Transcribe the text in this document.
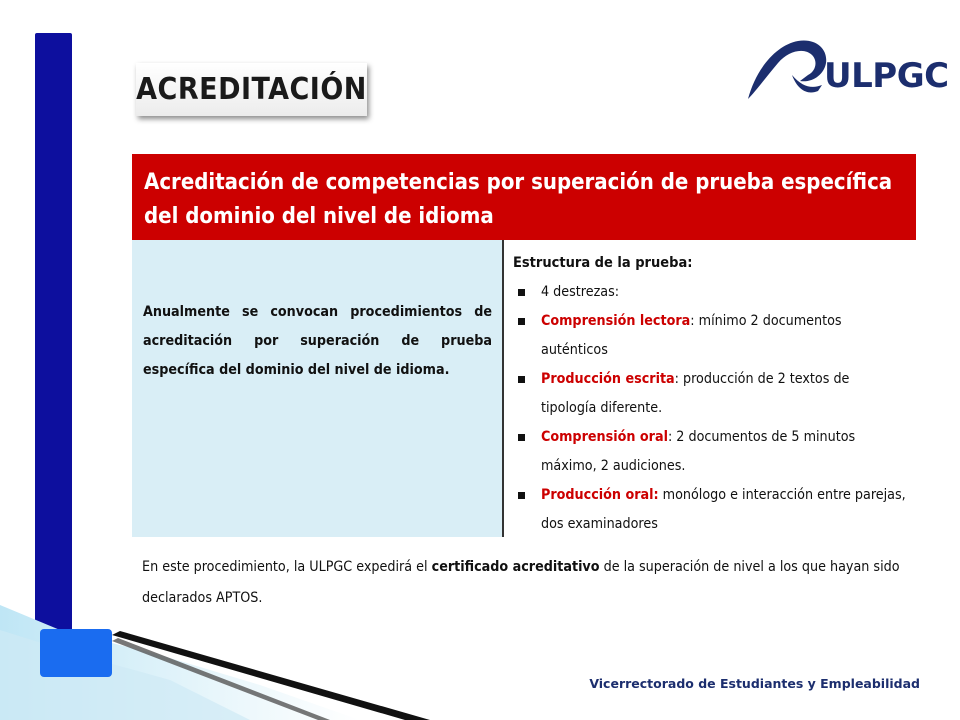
ACREDITACIÓN	ULPGC
Acreditación de competencias por superación de prueba específica del dominio del nivel de idioma
Anualmente se convocan procedimientos de acreditación por superación de prueba específica del dominio del nivel de idioma.
Estructura de la prueba:
4 destrezas:
Comprensión lectora: mínimo 2 documentos auténticos
Producción escrita: producción de 2 textos de tipología diferente.
Comprensión oral: 2 documentos de 5 minutos máximo, 2 audiciones.
Producción oral: monólogo e interacción entre parejas, dos examinadores
En este procedimiento, la ULPGC expedirá el certificado acreditativo de la superación de nivel a los que hayan sido declarados APTOS.
Vicerrectorado de Estudiantes y Empleabilidad
